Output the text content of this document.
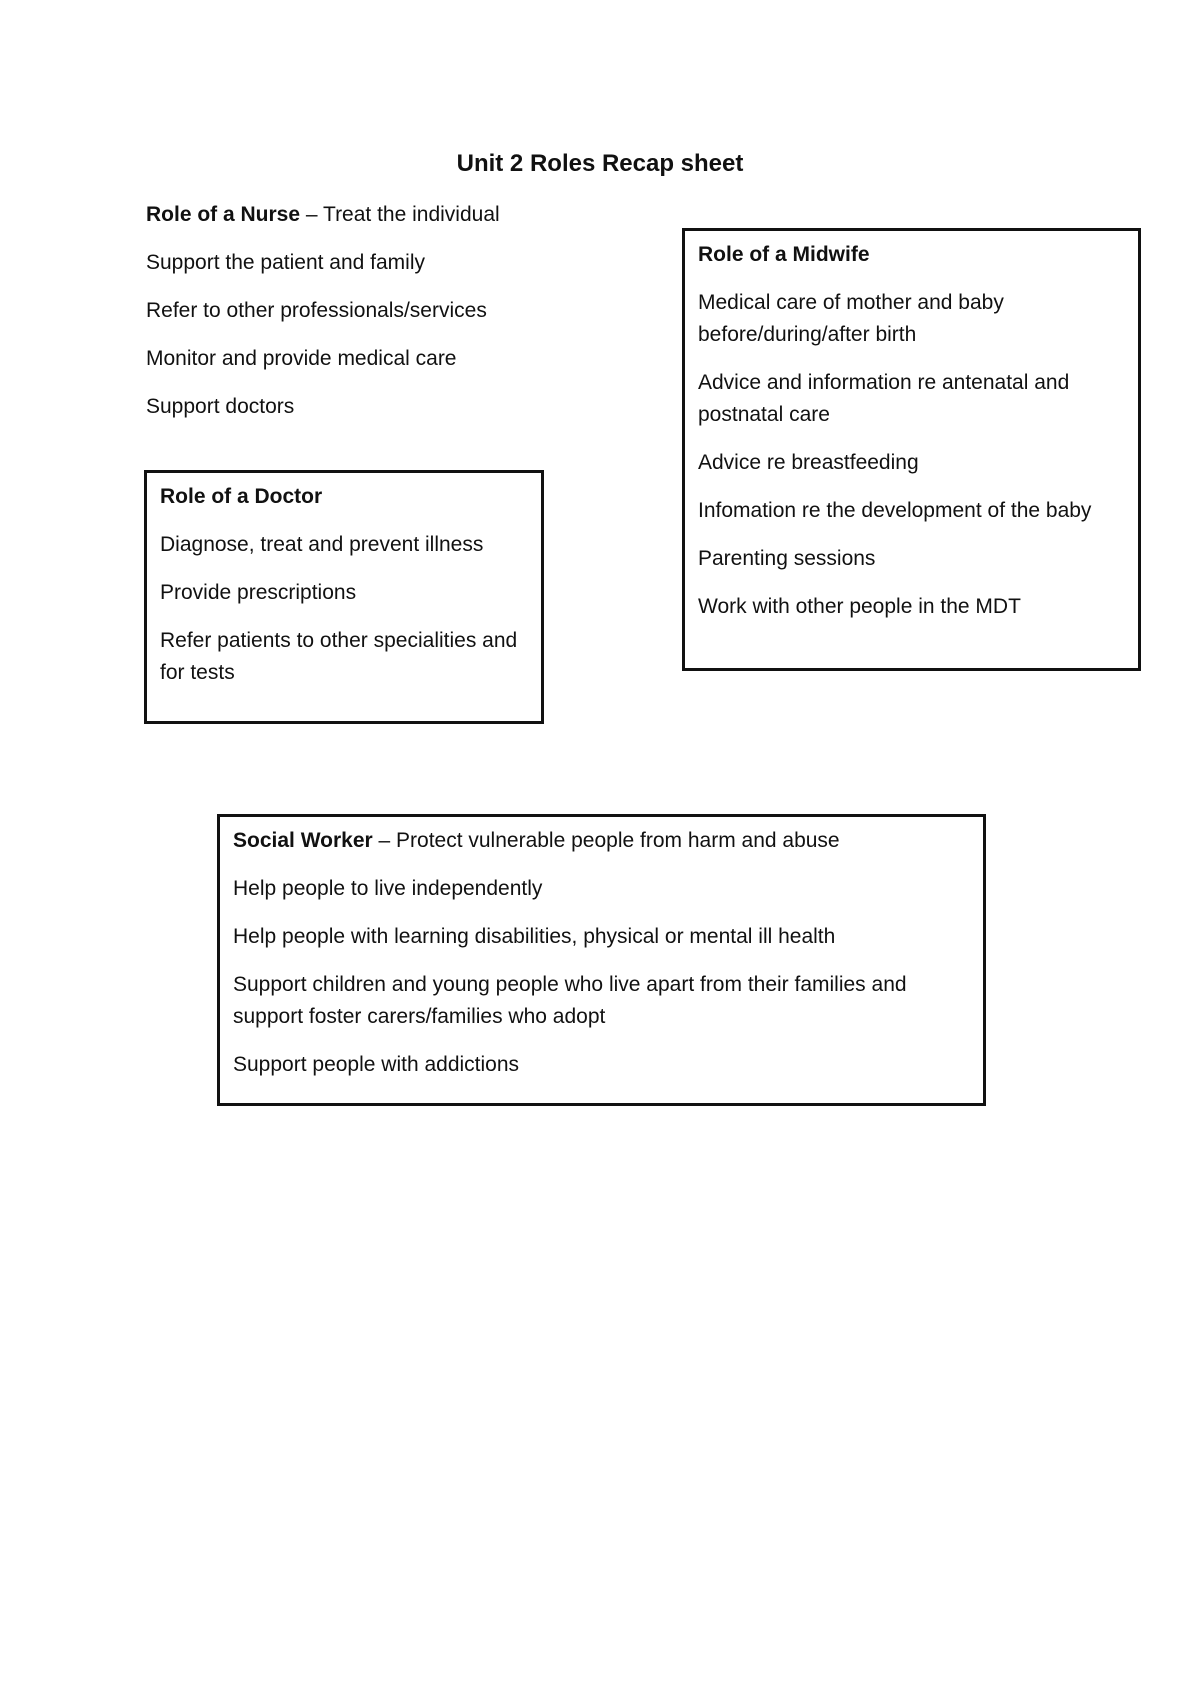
Unit 2 Roles Recap sheet

Role of a Nurse – Treat the individual

Support the patient and family

Refer to other professionals/services

Monitor and provide medical care

Support doctors

Role of a Doctor

Diagnose, treat and prevent illness

Provide prescriptions

Refer patients to other specialities and for tests

Role of a Midwife

Medical care of mother and baby before/during/after birth

Advice and information re antenatal and postnatal care

Advice re breastfeeding

Infomation re the development of the baby

Parenting sessions

Work with other people in the MDT

Social Worker – Protect vulnerable people from harm and abuse

Help people to live independently

Help people with learning disabilities, physical or mental ill health

Support children and young people who live apart from their families and support foster carers/families who adopt

Support people with addictions
